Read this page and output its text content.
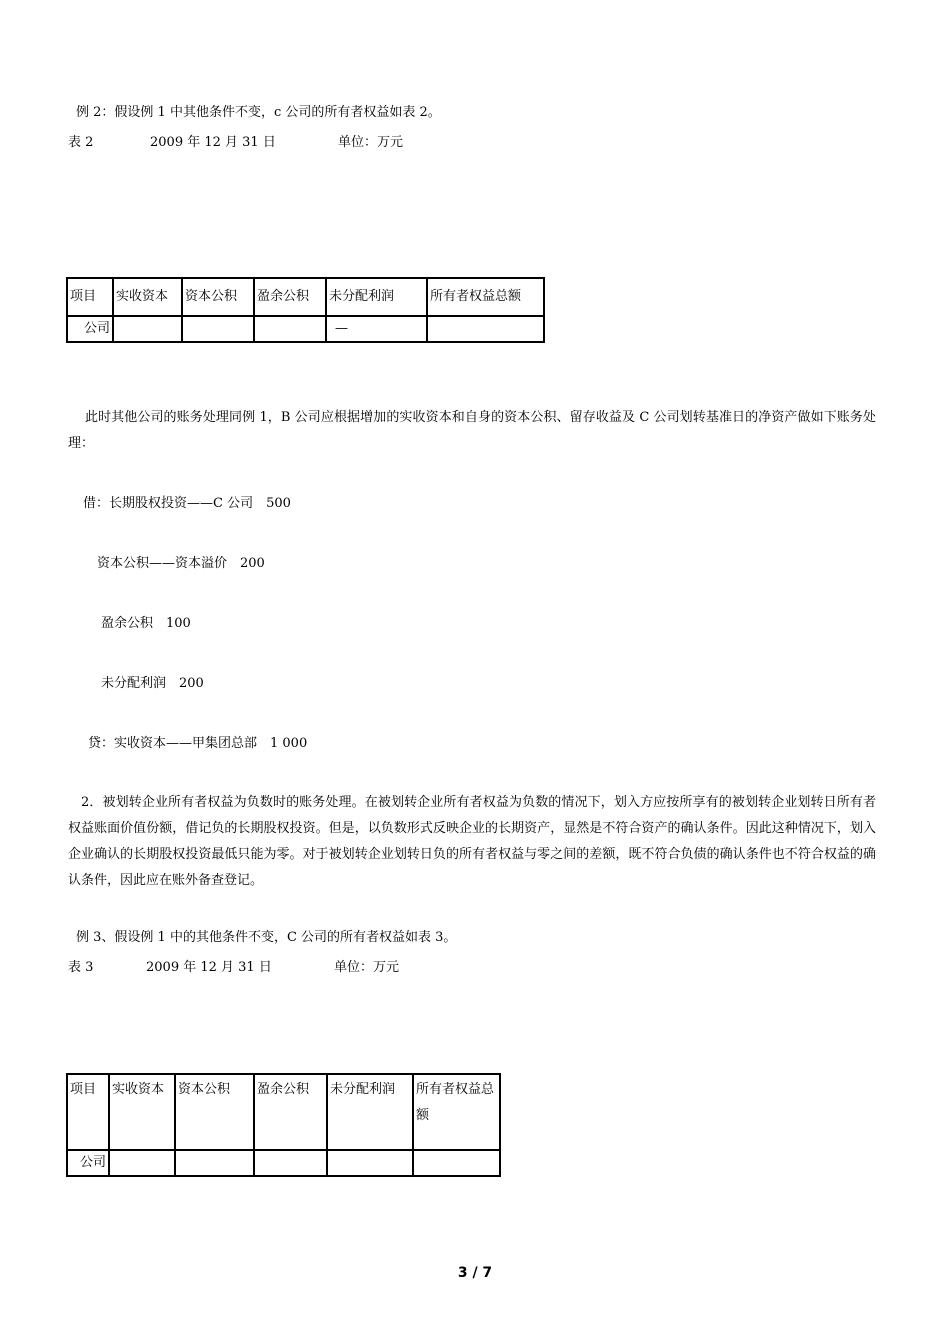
例 2：假设例 1 中其他条件不变，c 公司的所有者权益如表 2。
表 2	2009 年 12 月 31 日	单位：万元
项目	实收资本	资本公积	盈余公积	未分配利润	所有者权益总额
公司				—	
此时其他公司的账务处理同例 1，B 公司应根据增加的实收资本和自身的资本公积、留存收益及 C 公司划转基准日的净资产做如下账务处理：
借：长期股权投资——C 公司　500
资本公积——资本溢价　200
盈余公积　100
未分配利润　200
贷：实收资本——甲集团总部　1 000
2．被划转企业所有者权益为负数时的账务处理。在被划转企业所有者权益为负数的情况下，划入方应按所享有的被划转企业划转日所有者权益账面价值份额，借记负的长期股权投资。但是，以负数形式反映企业的长期资产，显然是不符合资产的确认条件。因此这种情况下，划入企业确认的长期股权投资最低只能为零。对于被划转企业划转日负的所有者权益与零之间的差额，既不符合负债的确认条件也不符合权益的确认条件，因此应在账外备查登记。
例 3、假设例 1 中的其他条件不变，C 公司的所有者权益如表 3。
表 3	2009 年 12 月 31 日	单位：万元
项目	实收资本	资本公积	盈余公积	未分配利润	所有者权益总额
公司					
3 / 7
